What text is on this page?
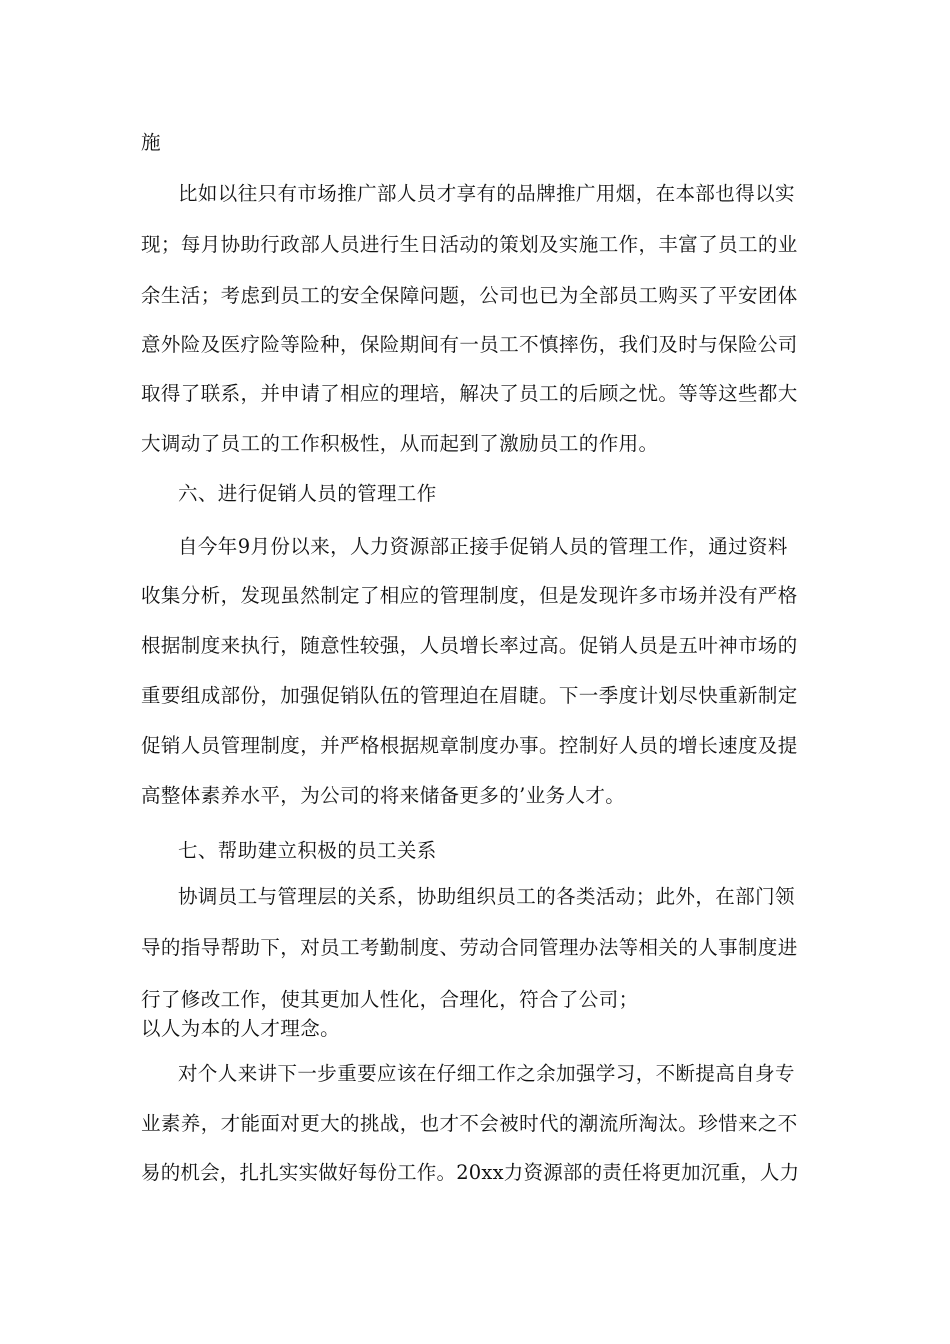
施
比如以往只有市场推广部人员才享有的品牌推广用烟，在本部也得以实
现；每月协助行政部人员进行生日活动的策划及实施工作，丰富了员工的业
余生活；考虑到员工的安全保障问题，公司也已为全部员工购买了平安团体
意外险及医疗险等险种，保险期间有一员工不慎摔伤，我们及时与保险公司
取得了联系，并申请了相应的理培，解决了员工的后顾之忧。等等这些都大
大调动了员工的工作积极性，从而起到了激励员工的作用。
六、进行促销人员的管理工作
自今年9月份以来，人力资源部正接手促销人员的管理工作，通过资料
收集分析，发现虽然制定了相应的管理制度，但是发现许多市场并没有严格
根据制度来执行，随意性较强，人员增长率过高。促销人员是五叶神市场的
重要组成部份，加强促销队伍的管理迫在眉睫。下一季度计划尽快重新制定
促销人员管理制度，并严格根据规章制度办事。控制好人员的增长速度及提
高整体素养水平，为公司的将来储备更多的’业务人才。
七、帮助建立积极的员工关系
协调员工与管理层的关系，协助组织员工的各类活动；此外，在部门领
导的指导帮助下，对员工考勤制度、劳动合同管理办法等相关的人事制度进
行了修改工作，使其更加人性化，合理化，符合了公司；
以人为本的人才理念。
对个人来讲下一步重要应该在仔细工作之余加强学习，不断提高自身专
业素养，才能面对更大的挑战，也才不会被时代的潮流所淘汰。珍惜来之不
易的机会，扎扎实实做好每份工作。20xx力资源部的责任将更加沉重，人力
